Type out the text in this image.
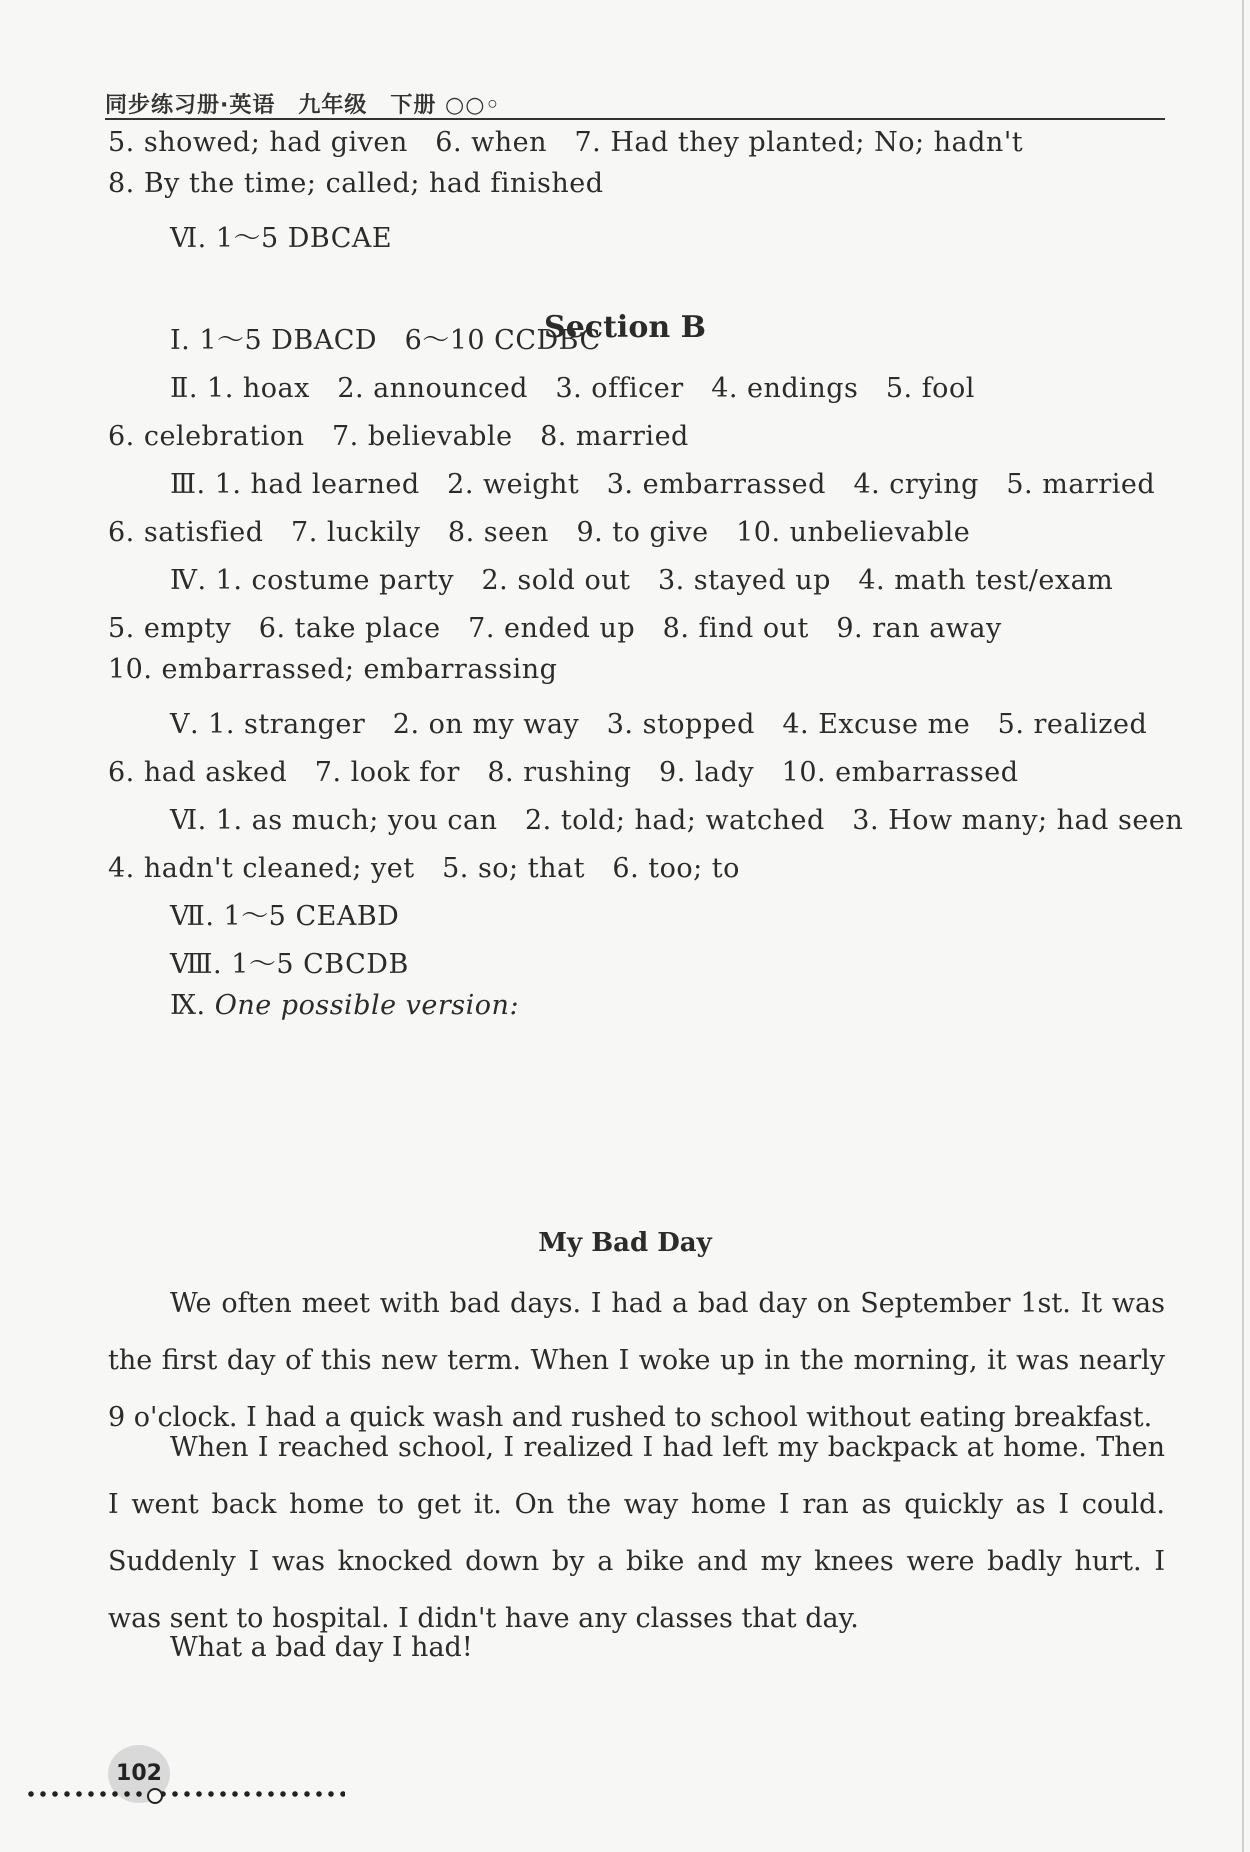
同步练习册·英语　九年级　下册 ○○◦
5. showed; had given　6. when　7. Had they planted; No; hadn't
8. By the time; called; had finished
Ⅵ. 1～5 DBCAE
Section B
Ⅰ. 1～5 DBACD　6～10 CCDBC
Ⅱ. 1. hoax　2. announced　3. officer　4. endings　5. fool
6. celebration　7. believable　8. married
Ⅲ. 1. had learned　2. weight　3. embarrassed　4. crying　5. married
6. satisfied　7. luckily　8. seen　9. to give　10. unbelievable
Ⅳ. 1. costume party　2. sold out　3. stayed up　4. math test/exam
5. empty　6. take place　7. ended up　8. find out　9. ran away
10. embarrassed; embarrassing
Ⅴ. 1. stranger　2. on my way　3. stopped　4. Excuse me　5. realized
6. had asked　7. look for　8. rushing　9. lady　10. embarrassed
Ⅵ. 1. as much; you can　2. told; had; watched　3. How many; had seen
4. hadn't cleaned; yet　5. so; that　6. too; to
Ⅶ. 1～5 CEABD
Ⅷ. 1～5 CBCDB
Ⅸ. One possible version:
My Bad Day

We often meet with bad days. I had a bad day on September 1st. It was the first day of this new term. When I woke up in the morning, it was nearly 9 o'clock. I had a quick wash and rushed to school without eating breakfast.

When I reached school, I realized I had left my backpack at home. Then I went back home to get it. On the way home I ran as quickly as I could. Suddenly I was knocked down by a bike and my knees were badly hurt. I was sent to hospital. I didn't have any classes that day.

What a bad day I had!

102
